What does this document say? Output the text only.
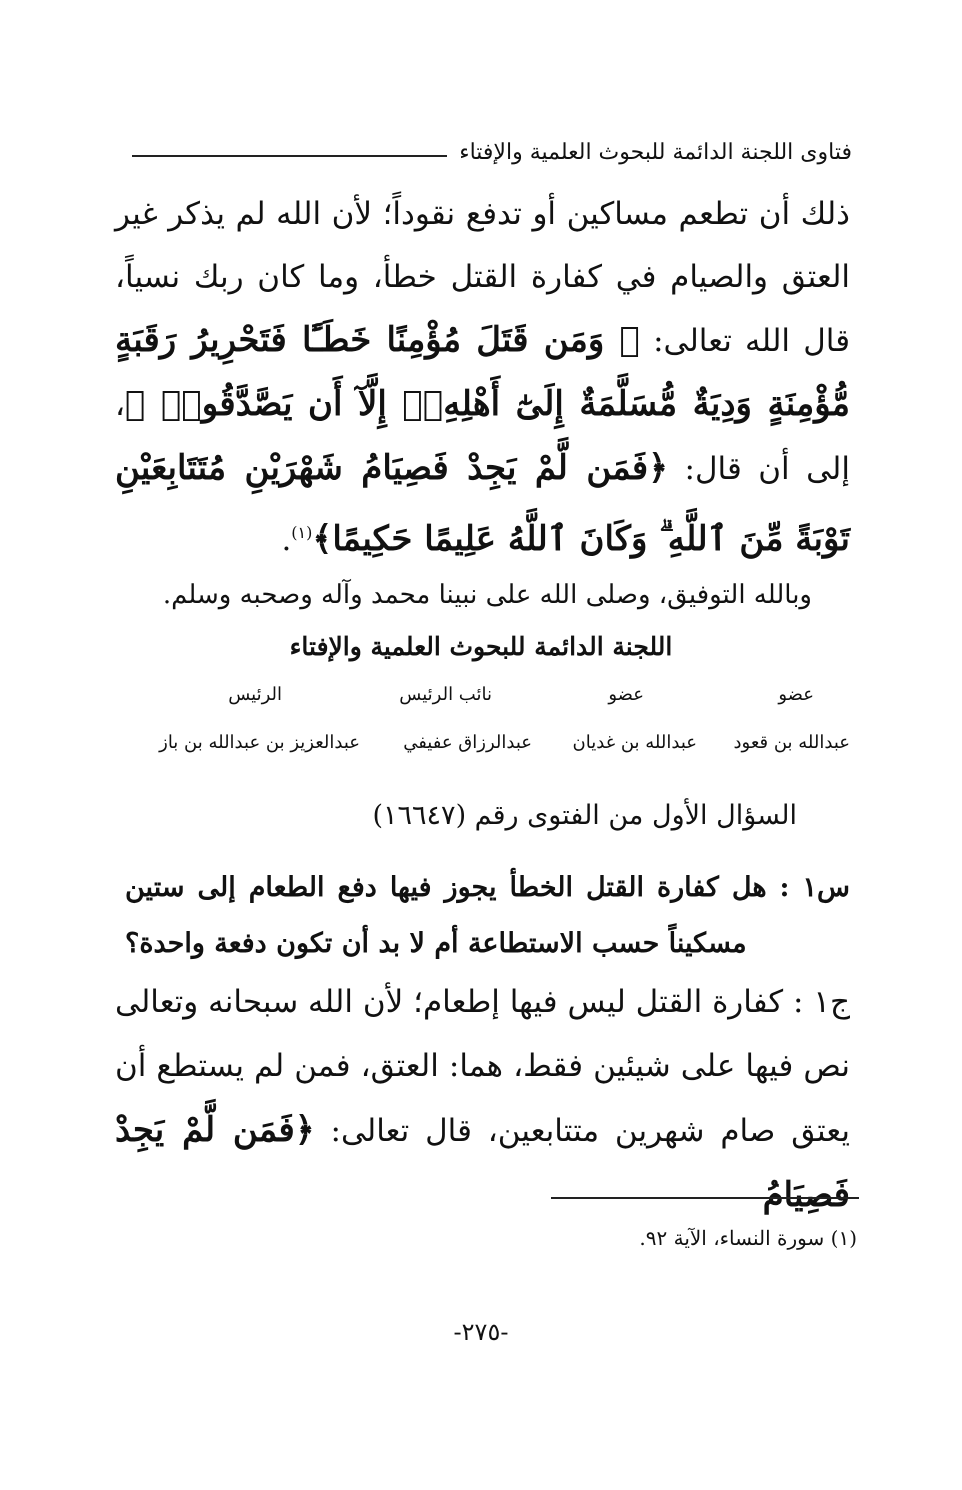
فتاوى اللجنة الدائمة للبحوث العلمية والإفتاء
ذلك أن تطعم مساكين أو تدفع نقوداً؛ لأن الله لم يذكر غير العتق والصيام في كفارة القتل خطأ، وما كان ربك نسياً، قال الله تعالى: ﴿ وَمَن قَتَلَ مُؤْمِنًا خَطَـًٔا فَتَحْرِيرُ رَقَبَةٍ مُّؤْمِنَةٍ وَدِيَةٌ مُّسَلَّمَةٌ إِلَىٰٓ أَهْلِهِۦٓ إِلَّآ أَن يَصَّدَّقُوا۟ ﴾، إلى أن قال: ﴿فَمَن لَّمْ يَجِدْ فَصِيَامُ شَهْرَيْنِ مُتَتَابِعَيْنِ تَوْبَةً مِّنَ ٱللَّهِ ۗ وَكَانَ ٱللَّهُ عَلِيمًا حَكِيمًا﴾$^{(١)}$.
وبالله التوفيق، وصلى الله على نبينا محمد وآله وصحبه وسلم.
اللجنة الدائمة للبحوث العلمية والإفتاء
عضو
عضو
نائب الرئيس
الرئيس
عبدالله بن قعود
عبدالله بن غديان
عبدالرزاق عفيفي
عبدالعزيز بن عبدالله بن باز
السؤال الأول من الفتوى رقم (١٦٦٤٧)
س١ : هل كفارة القتل الخطأ يجوز فيها دفع الطعام إلى ستين
مسكيناً حسب الاستطاعة أم لا بد أن تكون دفعة واحدة؟
ج١ : كفارة القتل ليس فيها إطعام؛ لأن الله سبحانه وتعالى نص فيها على شيئين فقط، هما: العتق، فمن لم يستطع أن يعتق صام شهرين متتابعين، قال تعالى: ﴿فَمَن لَّمْ يَجِدْ فَصِيَامُ
(١) سورة النساء، الآية ٩٢.
-٢٧٥-
